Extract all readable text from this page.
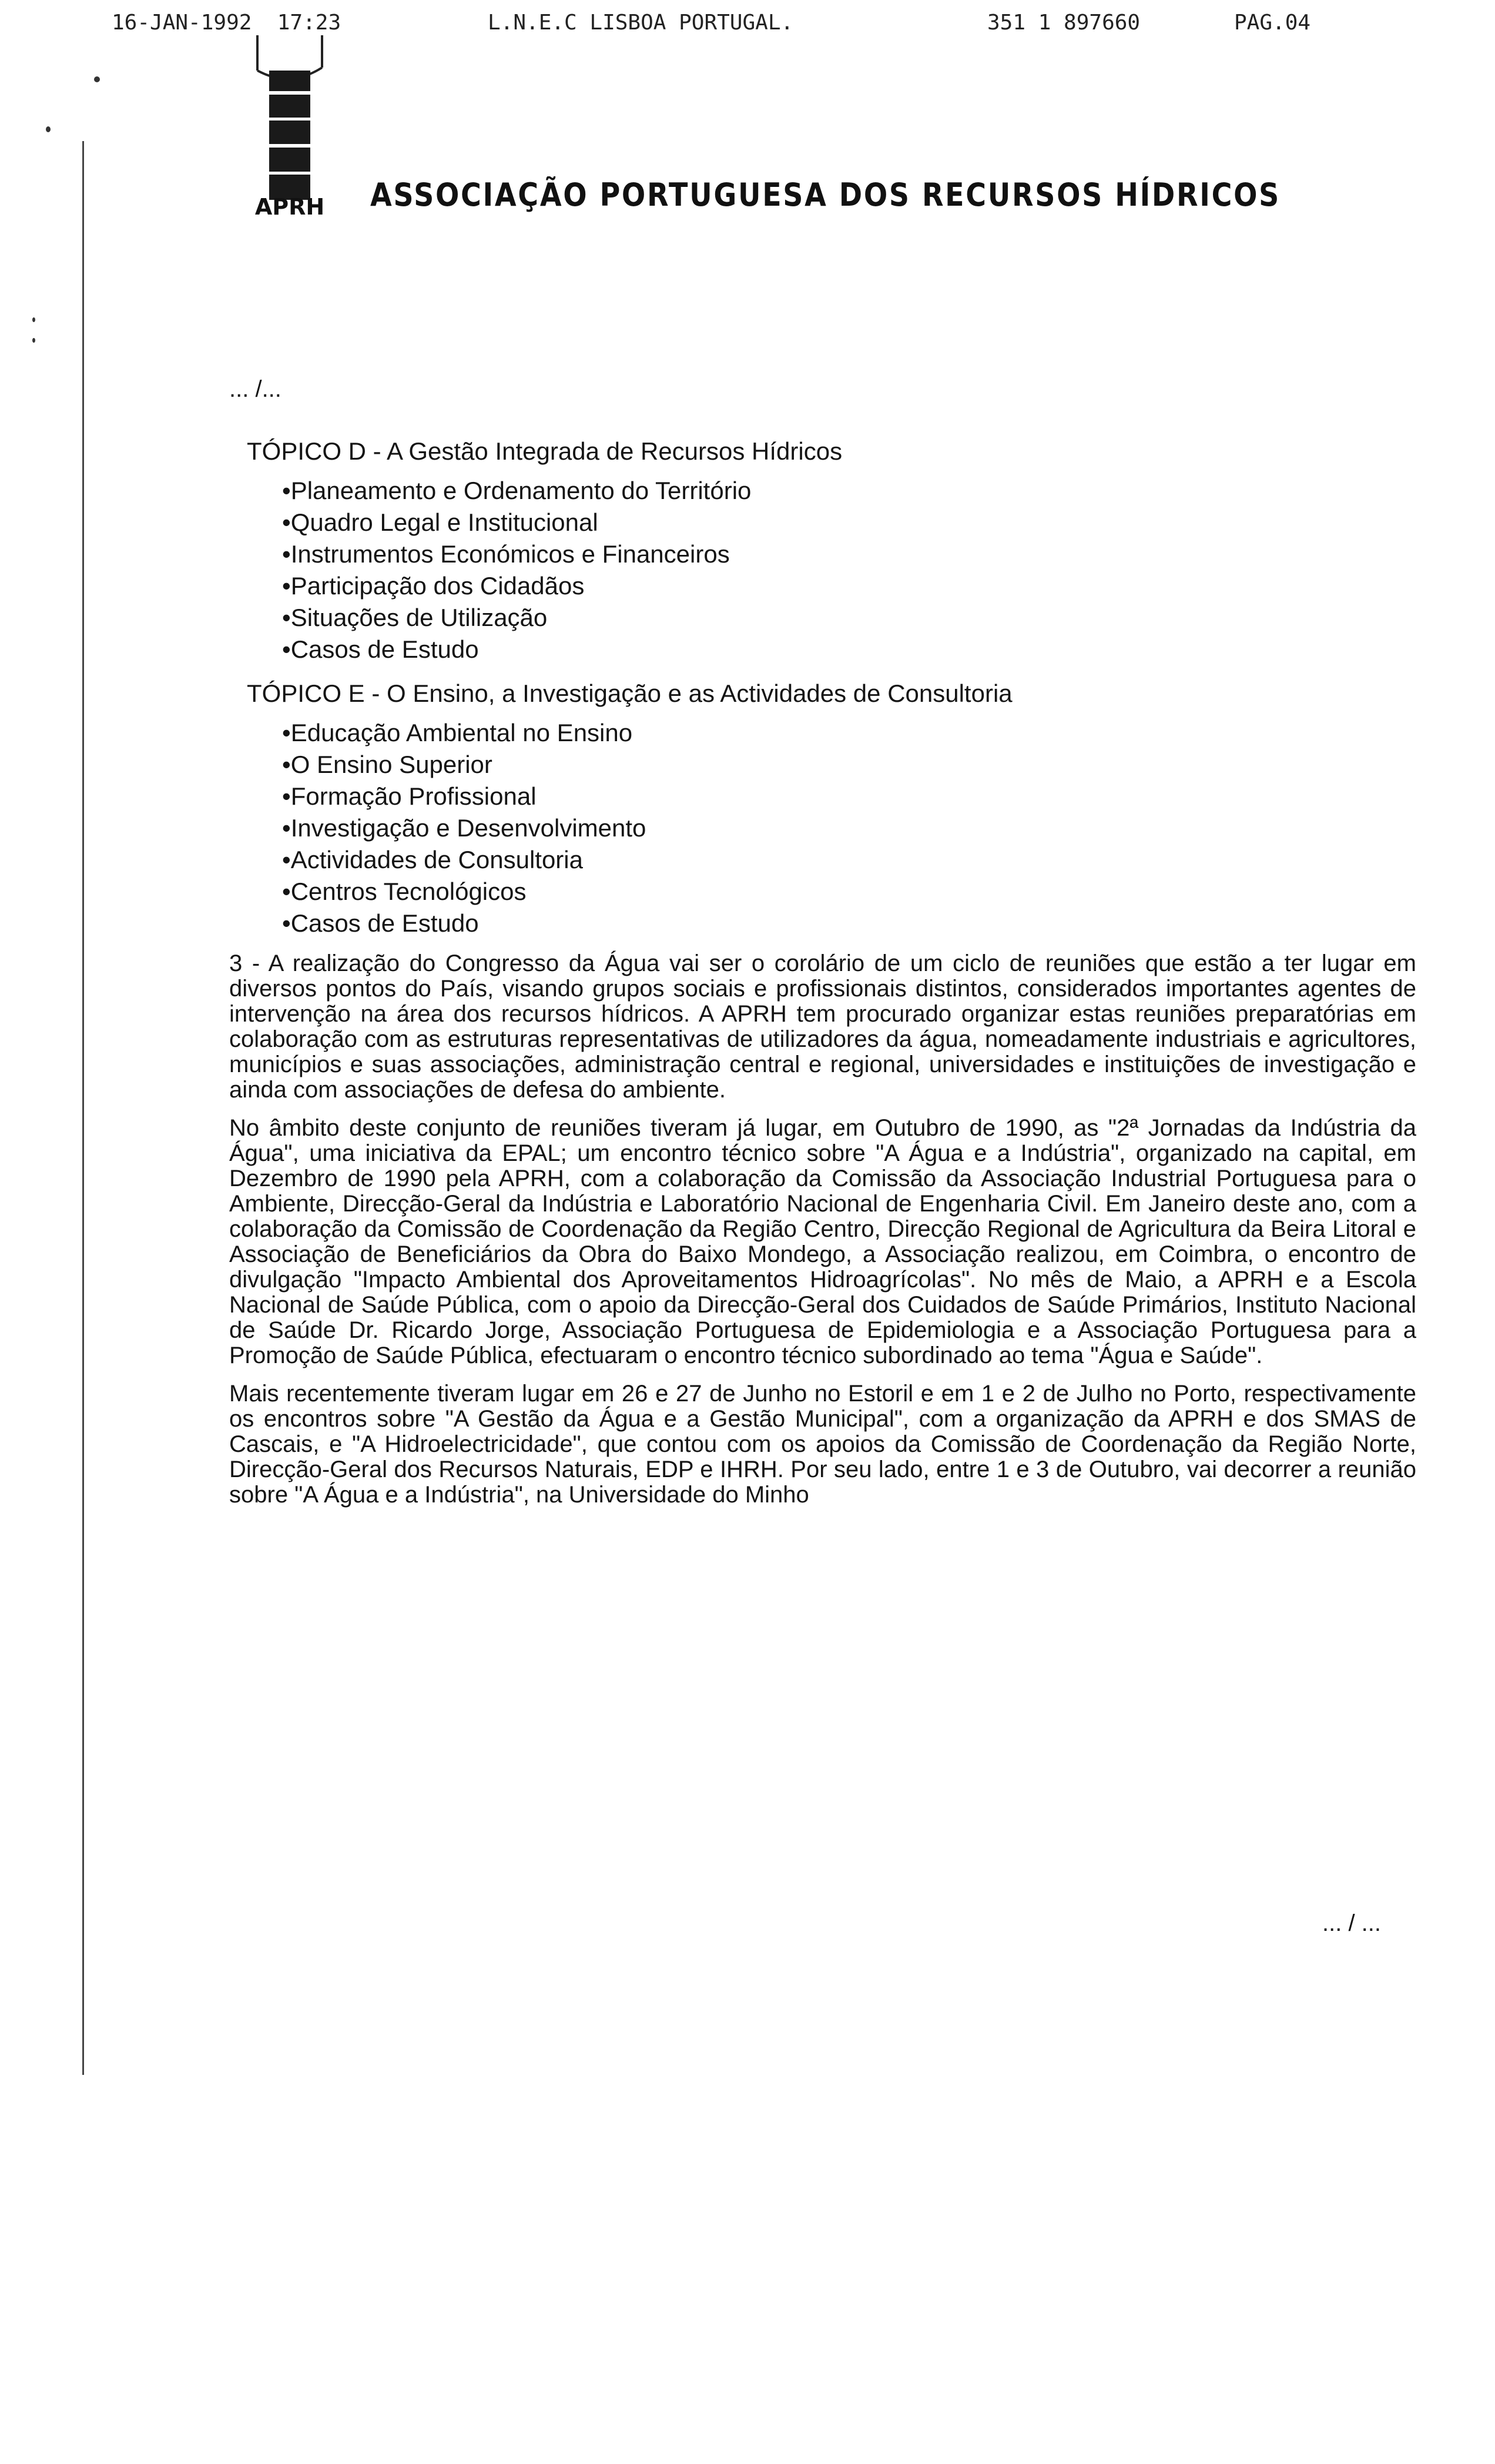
16-JAN-1992  17:23	L.N.E.C LISBOA PORTUGAL.	351 1 897660	PAG.04
APRH ASSOCIAÇÃO PORTUGUESA DOS RECURSOS HÍDRICOS
... /...
TÓPICO D - A Gestão Integrada de Recursos Hídricos
•Planeamento e Ordenamento do Território
•Quadro Legal e Institucional
•Instrumentos Económicos e Financeiros
•Participação dos Cidadãos
•Situações de Utilização
•Casos de Estudo
TÓPICO E - O Ensino, a Investigação e as Actividades de Consultoria
•Educação Ambiental no Ensino
•O Ensino Superior
•Formação Profissional
•Investigação e Desenvolvimento
•Actividades de Consultoria
•Centros Tecnológicos
•Casos de Estudo

3 - A realização do Congresso da Água vai ser o corolário de um ciclo de reuniões que estão a ter lugar em diversos pontos do País, visando grupos sociais e profissionais distintos, considerados importantes agentes de intervenção na área dos recursos hídricos. A APRH tem procurado organizar estas reuniões preparatórias em colaboração com as estruturas representativas de utilizadores da água, nomeadamente industriais e agricultores, municípios e suas associações, administração central e regional, universidades e instituições de investigação e ainda com associações de defesa do ambiente.

No âmbito deste conjunto de reuniões tiveram já lugar, em Outubro de 1990, as "2ª Jornadas da Indústria da Água", uma iniciativa da EPAL; um encontro técnico sobre "A Água e a Indústria", organizado na capital, em Dezembro de 1990 pela APRH, com a colaboração da Comissão da Associação Industrial Portuguesa para o Ambiente, Direcção-Geral da Indústria e Laboratório Nacional de Engenharia Civil. Em Janeiro deste ano, com a colaboração da Comissão de Coordenação da Região Centro, Direcção Regional de Agricultura da Beira Litoral e Associação de Beneficiários da Obra do Baixo Mondego, a Associação realizou, em Coimbra, o encontro de divulgação "Impacto Ambiental dos Aproveitamentos Hidroagrícolas". No mês de Maio, a APRH e a Escola Nacional de Saúde Pública, com o apoio da Direcção-Geral dos Cuidados de Saúde Primários, Instituto Nacional de Saúde Dr. Ricardo Jorge, Associação Portuguesa de Epidemiologia e a Associação Portuguesa para a Promoção de Saúde Pública, efectuaram o encontro técnico subordinado ao tema "Água e Saúde".

Mais recentemente tiveram lugar em 26 e 27 de Junho no Estoril e em 1 e 2 de Julho no Porto, respectivamente os encontros sobre "A Gestão da Água e a Gestão Municipal", com a organização da APRH e dos SMAS de Cascais, e "A Hidroelectricidade", que contou com os apoios da Comissão de Coordenação da Região Norte, Direcção-Geral dos Recursos Naturais, EDP e IHRH. Por seu lado, entre 1 e 3 de Outubro, vai decorrer a reunião sobre "A Água e a Indústria", na Universidade do Minho

... / ...
